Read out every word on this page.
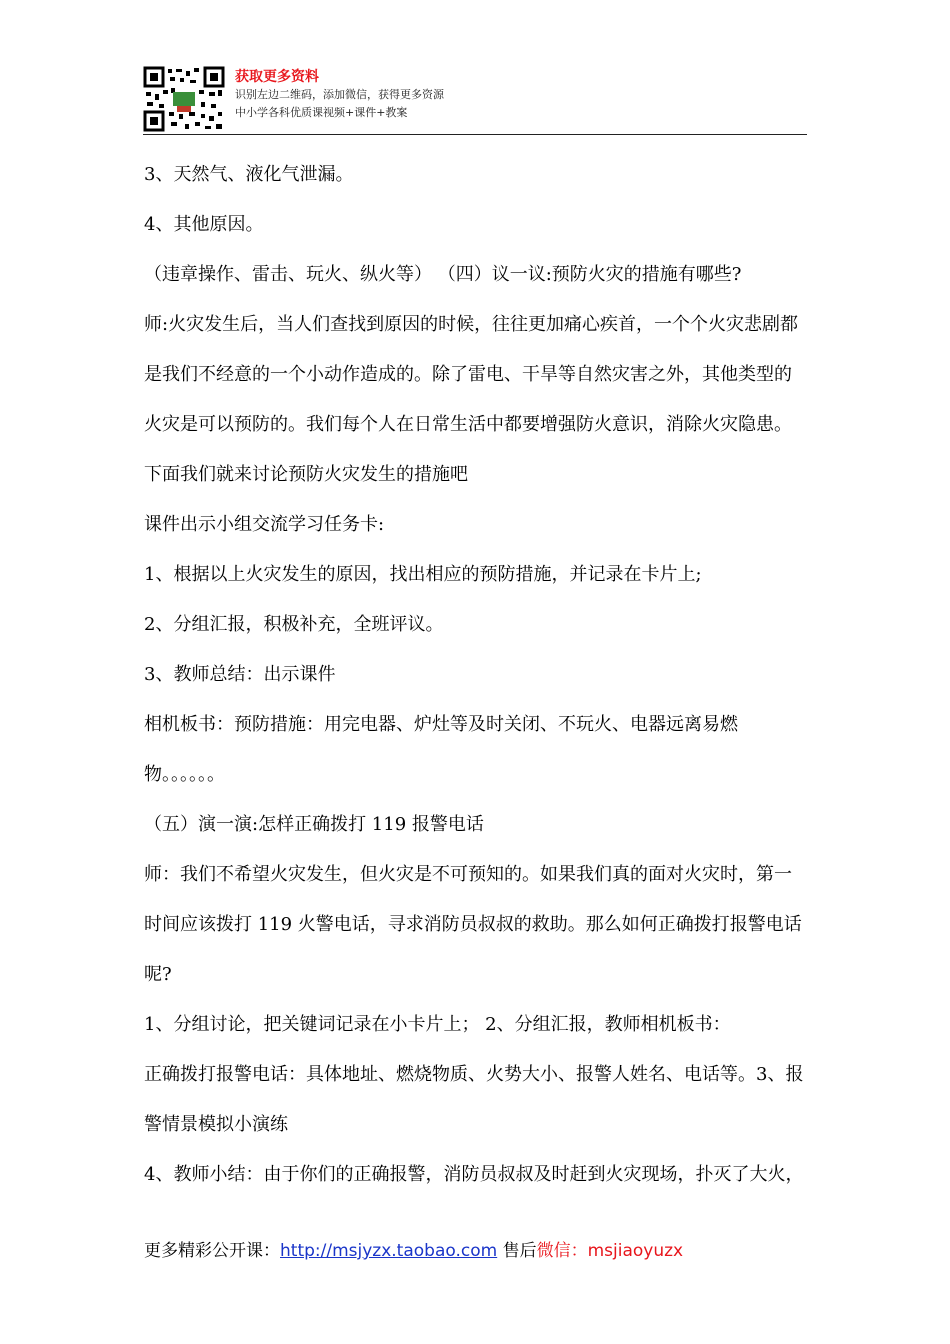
获取更多资料
识别左边二维码，添加微信，获得更多资源
中小学各科优质课视频+课件+教案

3、天然气、液化气泄漏。

4、其他原因。

（违章操作、雷击、玩火、纵火等） （四）议一议:预防火灾的措施有哪些?

师:火灾发生后，当人们查找到原因的时候，往往更加痛心疾首，一个个火灾悲剧都是我们不经意的一个小动作造成的。除了雷电、干旱等自然灾害之外，其他类型的火灾是可以预防的。我们每个人在日常生活中都要增强防火意识，消除火灾隐患。下面我们就来讨论预防火灾发生的措施吧

课件出示小组交流学习任务卡:

1、根据以上火灾发生的原因，找出相应的预防措施，并记录在卡片上;

2、分组汇报，积极补充，全班评议。

3、教师总结：出示课件

相机板书：预防措施：用完电器、炉灶等及时关闭、不玩火、电器远离易燃物。。。。。。

（五）演一演:怎样正确拨打 119 报警电话

师：我们不希望火灾发生，但火灾是不可预知的。如果我们真的面对火灾时，第一时间应该拨打 119 火警电话，寻求消防员叔叔的救助。那么如何正确拨打报警电话呢?

1、分组讨论，把关键词记录在小卡片上； 2、分组汇报，教师相机板书：

正确拨打报警电话：具体地址、燃烧物质、火势大小、报警人姓名、电话等。3、报警情景模拟小演练

4、教师小结：由于你们的正确报警，消防员叔叔及时赶到火灾现场，扑灭了大火，

更多精彩公开课：http://msjyzx.taobao.com 售后微信：msjiaoyuzx
